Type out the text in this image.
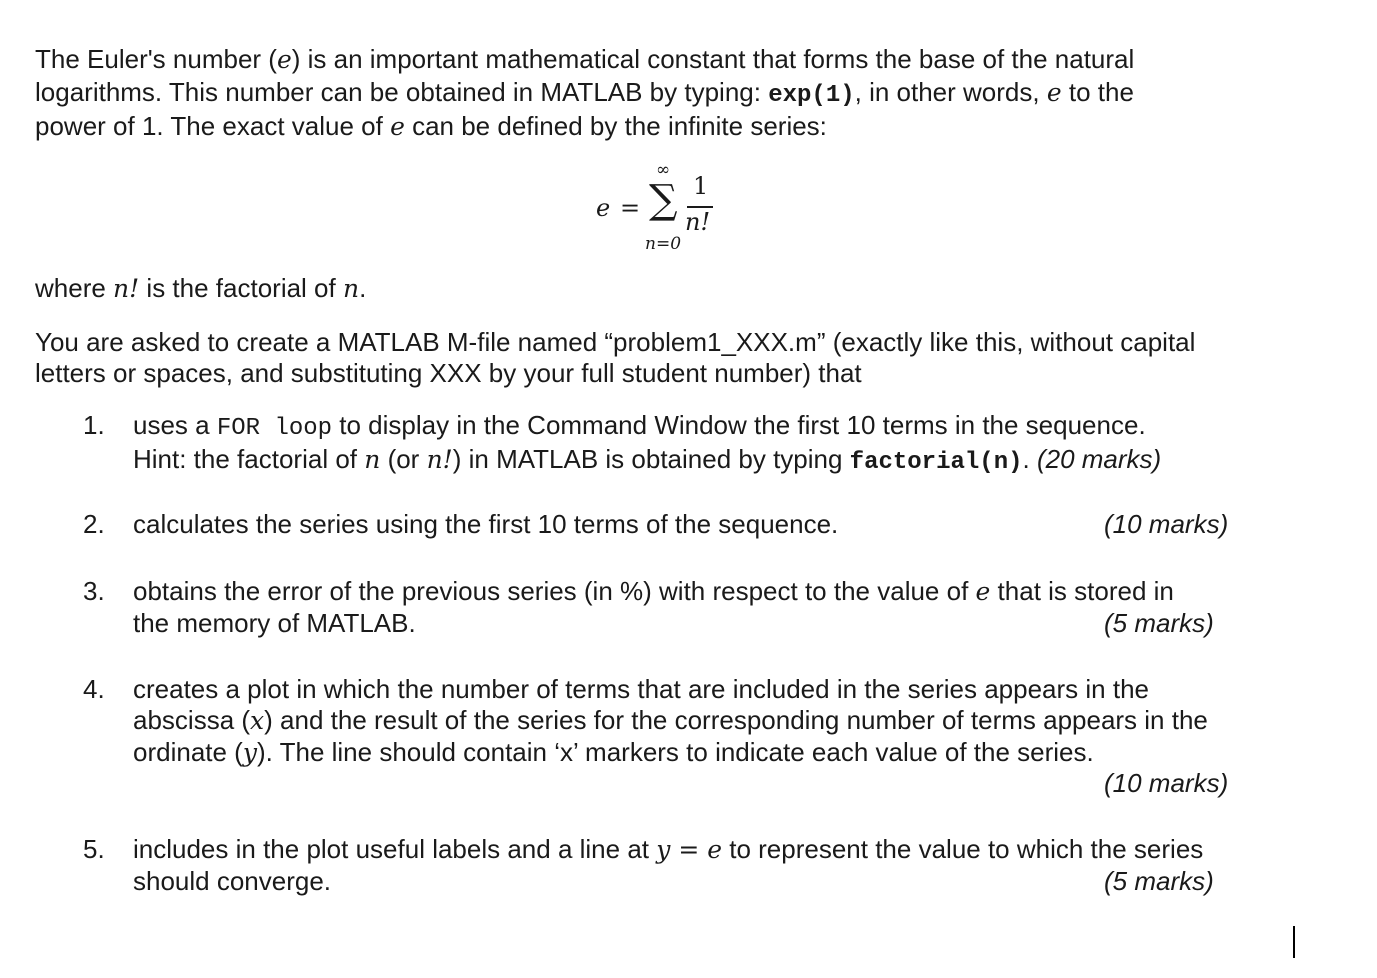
The Euler's number (e) is an important mathematical constant that forms the base of the natural
logarithms. This number can be obtained in MATLAB by typing: exp(1), in other words, e to the
power of 1. The exact value of e can be defined by the infinite series:
e = ∑
∞
n=0
1
n!
where n! is the factorial of n.
You are asked to create a MATLAB M-file named “problem1_XXX.m” (exactly like this, without capital
letters or spaces, and substituting XXX by your full student number) that
1. uses a FOR loop to display in the Command Window the first 10 terms in the sequence.
Hint: the factorial of n (or n!) in MATLAB is obtained by typing factorial(n). (20 marks)
2. calculates the series using the first 10 terms of the sequence.	(10 marks)
3. obtains the error of the previous series (in %) with respect to the value of e that is stored in
the memory of MATLAB.	(5 marks)
4. creates a plot in which the number of terms that are included in the series appears in the
abscissa (x) and the result of the series for the corresponding number of terms appears in the
ordinate (y). The line should contain ‘x’ markers to indicate each value of the series.
(10 marks)
5. includes in the plot useful labels and a line at y = e to represent the value to which the series
should converge.	(5 marks)
